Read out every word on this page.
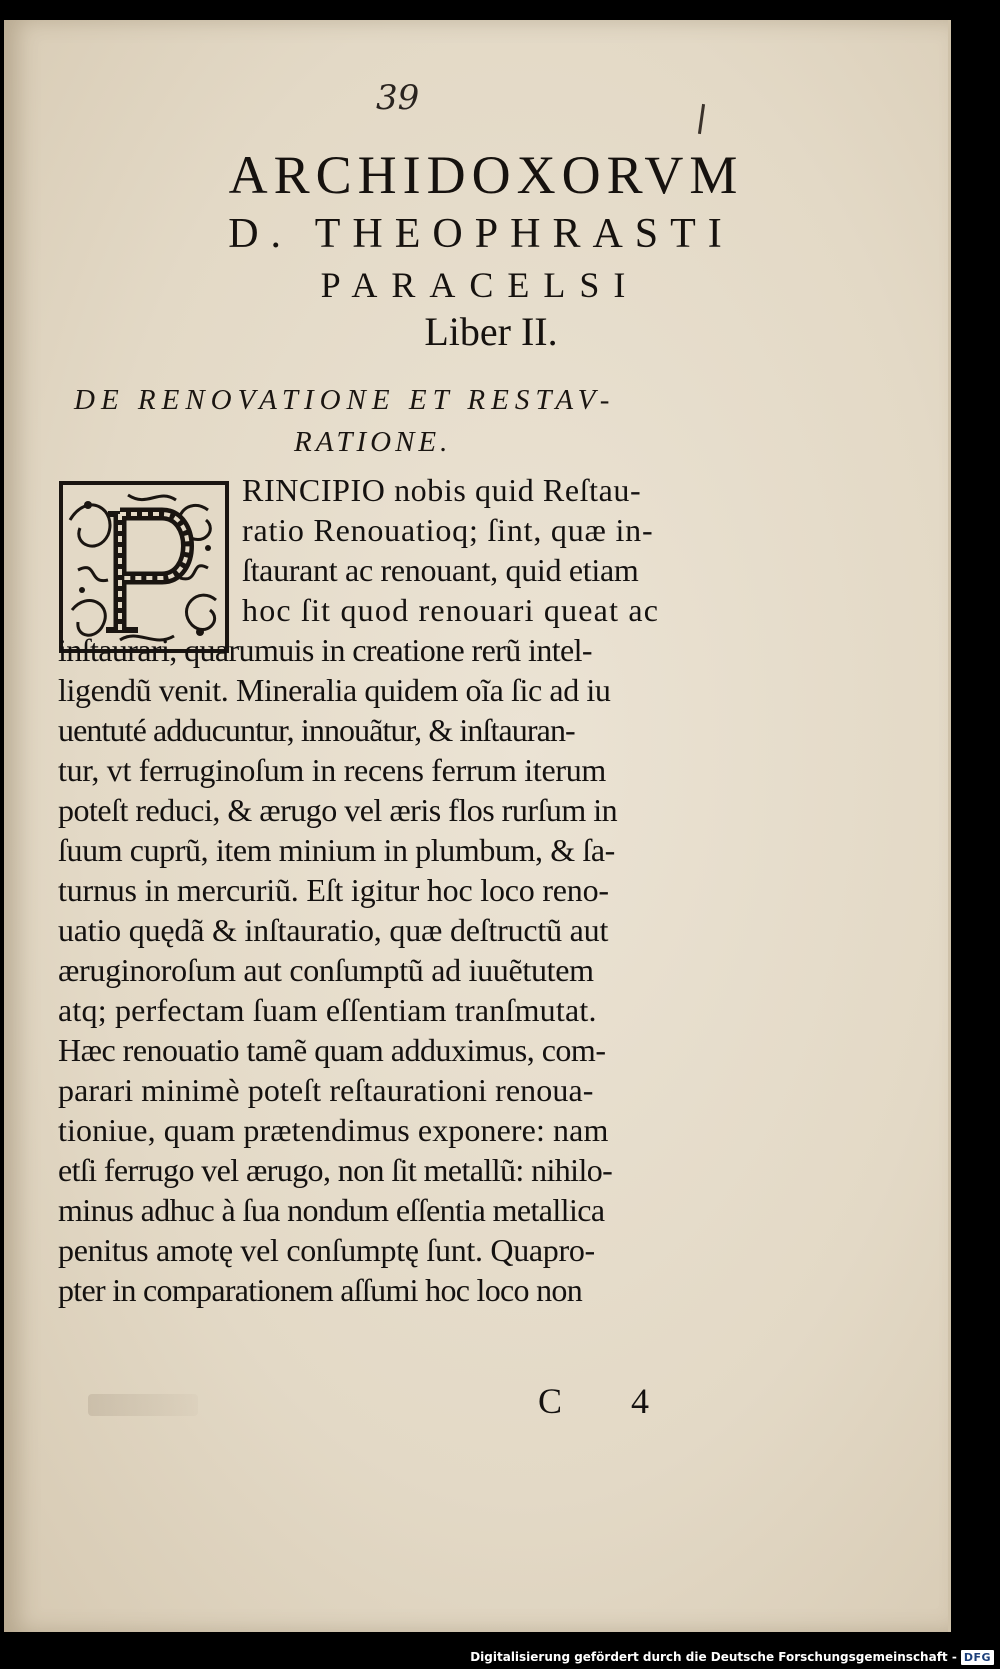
39
ARCHIDOXORVM
D. THEOPHRASTI
PARACELSI
Liber II.
DE RENOVATIONE ET RESTAV-
RATIONE.
RINCIPIO nobis quid Reſtau-
ratio Renouatioq; ſint, quæ in-
ſtaurant ac renouant, quid etiam
hoc ſit quod renouari queat ac
inſtaurari, quarumuis in creatione rerũ intel-
ligendũ venit. Mineralia quidem oĩa ſic ad iu
uentuté adducuntur, innouãtur, & inſtauran-
tur, vt ferruginoſum in recens ferrum iterum
poteſt reduci, & ærugo vel æris flos rurſum in
ſuum cuprũ, item minium in plumbum, & ſa-
turnus in mercuriũ. Eſt igitur hoc loco reno-
uatio quędã & inſtauratio, quæ deſtructũ aut
æruginoroſum aut conſumptũ ad iuuẽtutem
atq; perfectam ſuam eſſentiam tranſmutat.
Hæc renouatio tamẽ quam adduximus, com-
parari minimè poteſt reſtaurationi renoua-
tioniue, quam prætendimus exponere: nam
etſi ferrugo vel ærugo, non ſit metallũ: nihilo-
minus adhuc à ſua nondum eſſentia metallica
penitus amotę vel conſumptę ſunt. Quapro-
pter in comparationem aſſumi hoc loco non
C 4
Digitalisierung gefördert durch die Deutsche Forschungsgemeinschaft - DFG
